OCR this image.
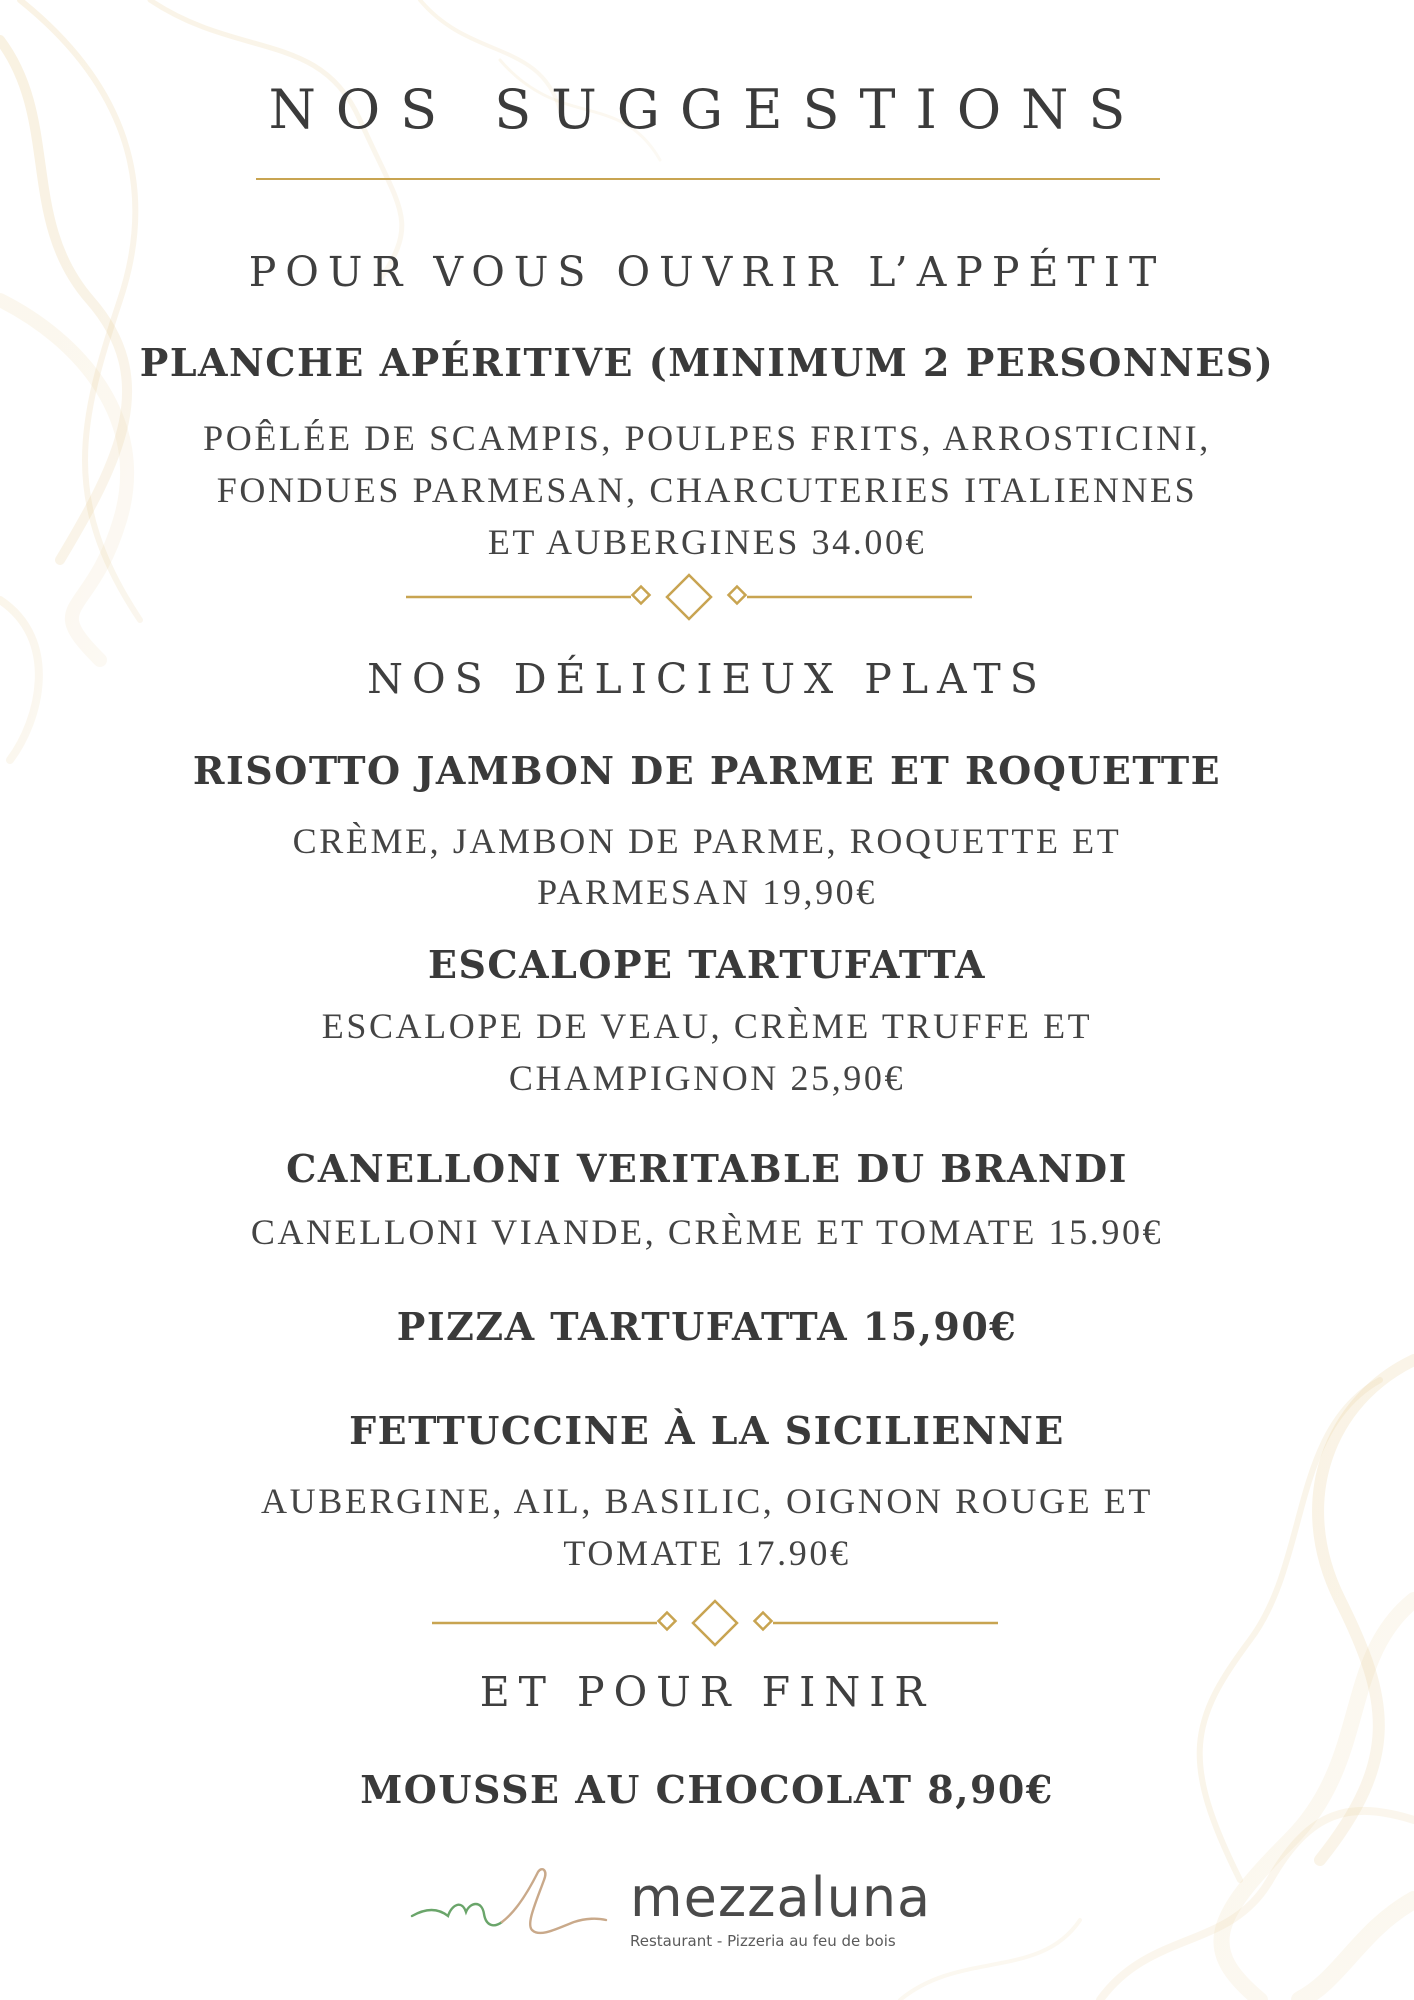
NOS SUGGESTIONS
POUR VOUS OUVRIR L’APPÉTIT
PLANCHE APÉRITIVE (MINIMUM 2 PERSONNES)
POÊLÉE DE SCAMPIS, POULPES FRITS, ARROSTICINI,
FONDUES PARMESAN, CHARCUTERIES ITALIENNES
ET AUBERGINES 34.00€
NOS DÉLICIEUX PLATS
RISOTTO JAMBON DE PARME ET ROQUETTE
CRÈME, JAMBON DE PARME, ROQUETTE ET
PARMESAN 19,90€
ESCALOPE TARTUFATTA
ESCALOPE DE VEAU, CRÈME TRUFFE ET
CHAMPIGNON 25,90€
CANELLONI VERITABLE DU BRANDI
CANELLONI VIANDE, CRÈME ET TOMATE 15.90€
PIZZA TARTUFATTA 15,90€
FETTUCCINE À LA SICILIENNE
AUBERGINE, AIL, BASILIC, OIGNON ROUGE ET
TOMATE 17.90€
ET POUR FINIR
MOUSSE AU CHOCOLAT 8,90€
mezzaluna
Restaurant - Pizzeria au feu de bois
